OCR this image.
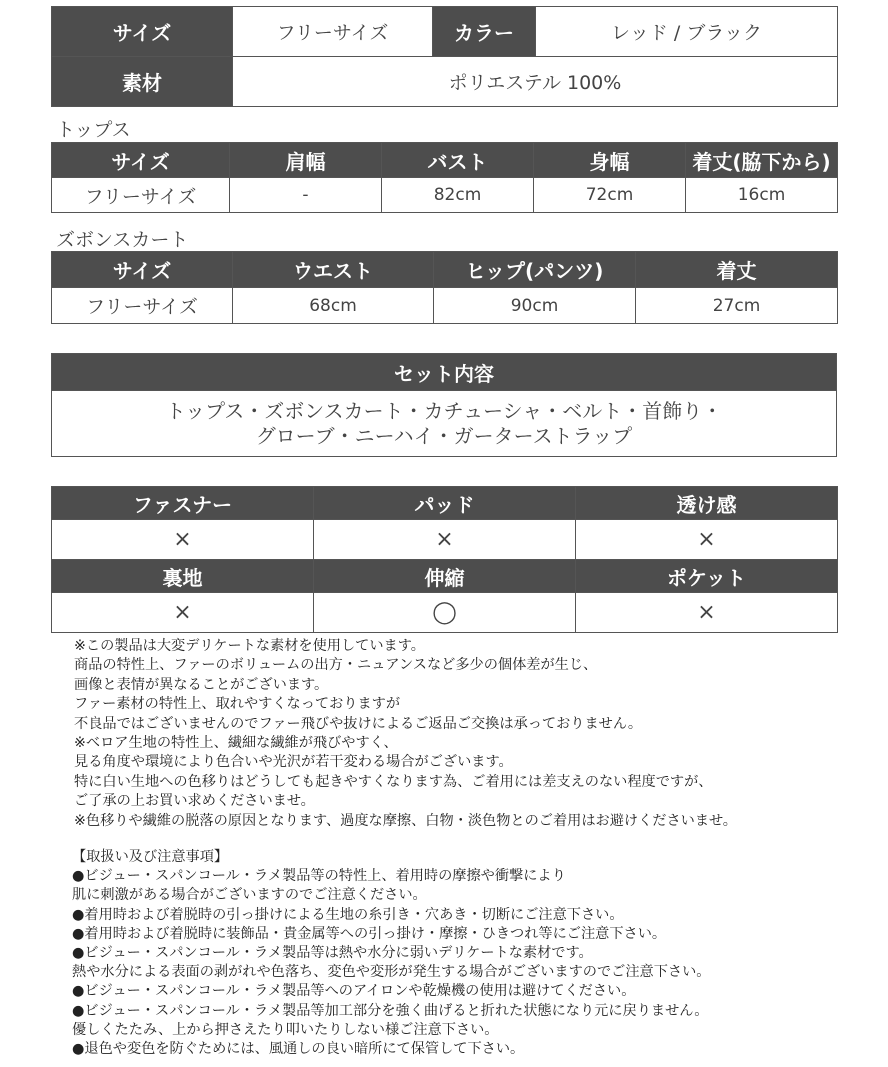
サイズ	フリーサイズ	カラー	レッド / ブラック
素材	ポリエステル 100%		
トップス
サイズ	肩幅	バスト	身幅	着丈(脇下から)
フリーサイズ	-	82cm	72cm	16cm
ズボンスカート
サイズ	ウエスト	ヒップ(パンツ)	着丈
フリーサイズ	68cm	90cm	27cm
セット内容

トップス・ズボンスカート・カチューシャ・ベルト・首飾り・
グローブ・ニーハイ・ガーターストラップ
ファスナー	パッド	透け感
×	×	×
裏地	伸縮	ポケット
×	◯	×
※この製品は大変デリケートな素材を使用しています。
商品の特性上、ファーのボリュームの出方・ニュアンスなど多少の個体差が生じ、
画像と表情が異なることがございます。
ファー素材の特性上、取れやすくなっておりますが
不良品ではございませんのでファー飛びや抜けによるご返品ご交換は承っておりません。
※ベロア生地の特性上、繊細な繊維が飛びやすく、
見る角度や環境により色合いや光沢が若干変わる場合がございます。
特に白い生地への色移りはどうしても起きやすくなります為、ご着用には差支えのない程度ですが、
ご了承の上お買い求めくださいませ。
※色移りや繊維の脱落の原因となります、過度な摩擦、白物・淡色物とのご着用はお避けくださいませ。
【取扱い及び注意事項】
●ビジュー・スパンコール・ラメ製品等の特性上、着用時の摩擦や衝撃により
肌に刺激がある場合がございますのでご注意ください。
●着用時および着脱時の引っ掛けによる生地の糸引き・穴あき・切断にご注意下さい。
●着用時および着脱時に装飾品・貴金属等への引っ掛け・摩擦・ひきつれ等にご注意下さい。
●ビジュー・スパンコール・ラメ製品等は熱や水分に弱いデリケートな素材です。
熱や水分による表面の剥がれや色落ち、変色や変形が発生する場合がございますのでご注意下さい。
●ビジュー・スパンコール・ラメ製品等へのアイロンや乾燥機の使用は避けてください。
●ビジュー・スパンコール・ラメ製品等加工部分を強く曲げると折れた状態になり元に戻りません。
優しくたたみ、上から押さえたり叩いたりしない様ご注意下さい。
●退色や変色を防ぐためには、風通しの良い暗所にて保管して下さい。
